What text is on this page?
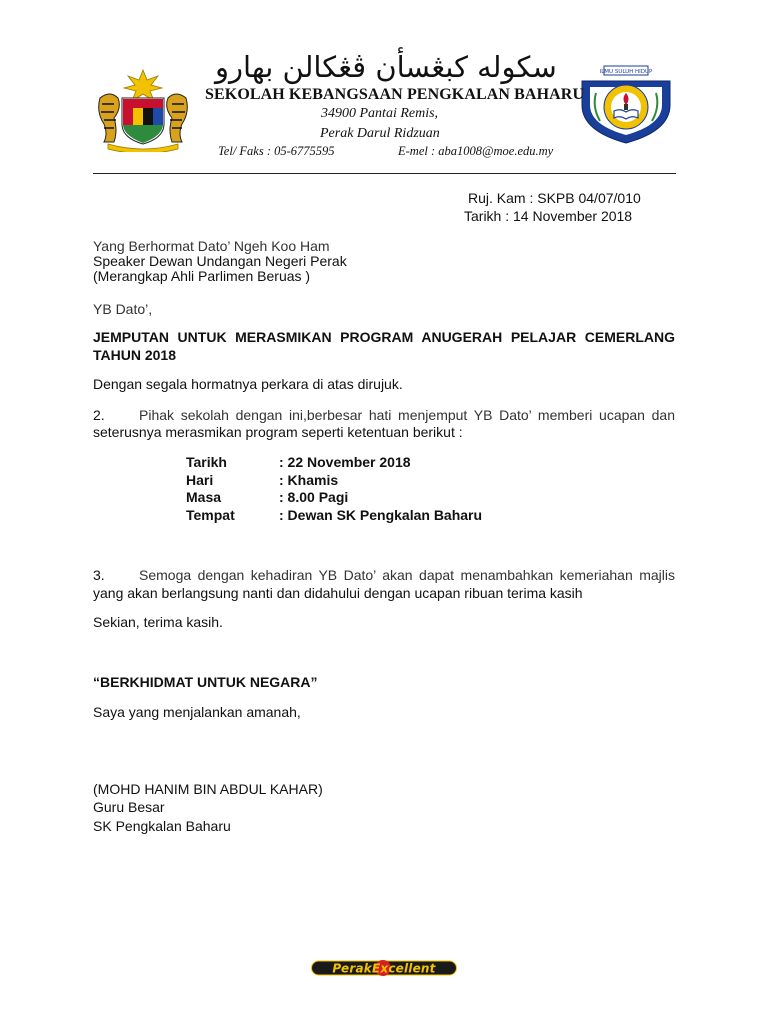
ILMU SULUH HIDUP
سكوله كبڠسأن ڤڠكالن بهارو
SEKOLAH KEBANGSAAN PENGKALAN BAHARU
34900 Pantai Remis,
Perak Darul Ridzuan
Tel/ Faks : 05-6775595	E-mel : aba1008@moe.edu.my
Ruj. Kam : SKPB 04/07/010
Tarikh : 14 November 2018
Yang Berhormat Dato’ Ngeh Koo Ham
Speaker Dewan Undangan Negeri Perak
(Merangkap Ahli Parlimen Beruas )
YB Dato’,
JEMPUTAN UNTUK MERASMIKAN PROGRAM ANUGERAH PELAJAR CEMERLANG
TAHUN 2018
Dengan segala hormatnya perkara di atas dirujuk.
2. Pihak sekolah dengan ini,berbesar hati menjemput YB Dato’ memberi ucapan dan
seterusnya merasmikan program seperti ketentuan berikut :
Tarikh	: 22 November 2018
Hari	: Khamis
Masa	: 8.00 Pagi
Tempat	: Dewan SK Pengkalan Baharu
3. Semoga dengan kehadiran YB Dato’ akan dapat menambahkan kemeriahan majlis
yang akan berlangsung nanti dan didahului dengan ucapan ribuan terima kasih
Sekian, terima kasih.
“BERKHIDMAT UNTUK NEGARA”
Saya yang menjalankan amanah,
(MOHD HANIM BIN ABDUL KAHAR)
Guru Besar
SK Pengkalan Baharu
PerakExcellent
